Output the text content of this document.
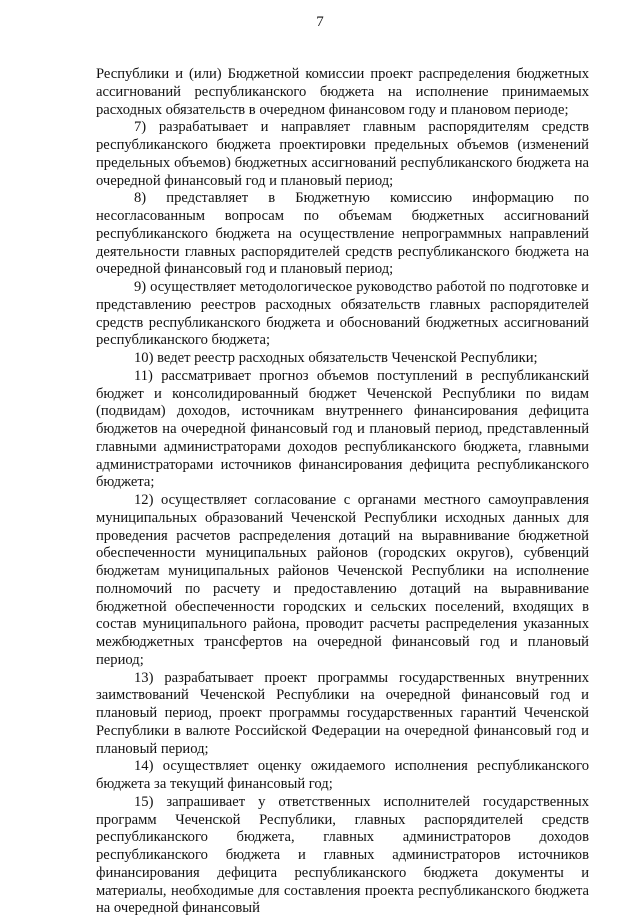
7

Республики и (или) Бюджетной комиссии проект распределения бюджетных ассигнований республиканского бюджета на исполнение принимаемых расходных обязательств в очередном финансовом году и плановом периоде;

7) разрабатывает и направляет главным распорядителям средств республиканского бюджета проектировки предельных объемов (изменений предельных объемов) бюджетных ассигнований республиканского бюджета на очередной финансовый год и плановый период;

8) представляет в Бюджетную комиссию информацию по несогласованным вопросам по объемам бюджетных ассигнований республиканского бюджета на осуществление непрограммных направлений деятельности главных распорядителей средств республиканского бюджета на очередной финансовый год и плановый период;

9) осуществляет методологическое руководство работой по подготовке и представлению реестров расходных обязательств главных распорядителей средств республиканского бюджета и обоснований бюджетных ассигнований республиканского бюджета;

10) ведет реестр расходных обязательств Чеченской Республики;

11) рассматривает прогноз объемов поступлений в республиканский бюджет и консолидированный бюджет Чеченской Республики по видам (подвидам) доходов, источникам внутреннего финансирования дефицита бюджетов на очередной финансовый год и плановый период, представленный главными администраторами доходов республиканского бюджета, главными администраторами источников финансирования дефицита республиканского бюджета;

12) осуществляет согласование с органами местного самоуправления муниципальных образований Чеченской Республики исходных данных для проведения расчетов распределения дотаций на выравнивание бюджетной обеспеченности муниципальных районов (городских округов), субвенций бюджетам муниципальных районов Чеченской Республики на исполнение полномочий по расчету и предоставлению дотаций на выравнивание бюджетной обеспеченности городских и сельских поселений, входящих в состав муниципального района, проводит расчеты распределения указанных межбюджетных трансфертов на очередной финансовый год и плановый период;

13) разрабатывает проект программы государственных внутренних заимствований Чеченской Республики на очередной финансовый год и плановый период, проект программы государственных гарантий Чеченской Республики в валюте Российской Федерации на очередной финансовый год и плановый период;

14) осуществляет оценку ожидаемого исполнения республиканского бюджета за текущий финансовый год;

15) запрашивает у ответственных исполнителей государственных программ Чеченской Республики, главных распорядителей средств республиканского бюджета, главных администраторов доходов республиканского бюджета и главных администраторов источников финансирования дефицита республиканского бюджета документы и материалы, необходимые для составления проекта республиканского бюджета на очередной финансовый
